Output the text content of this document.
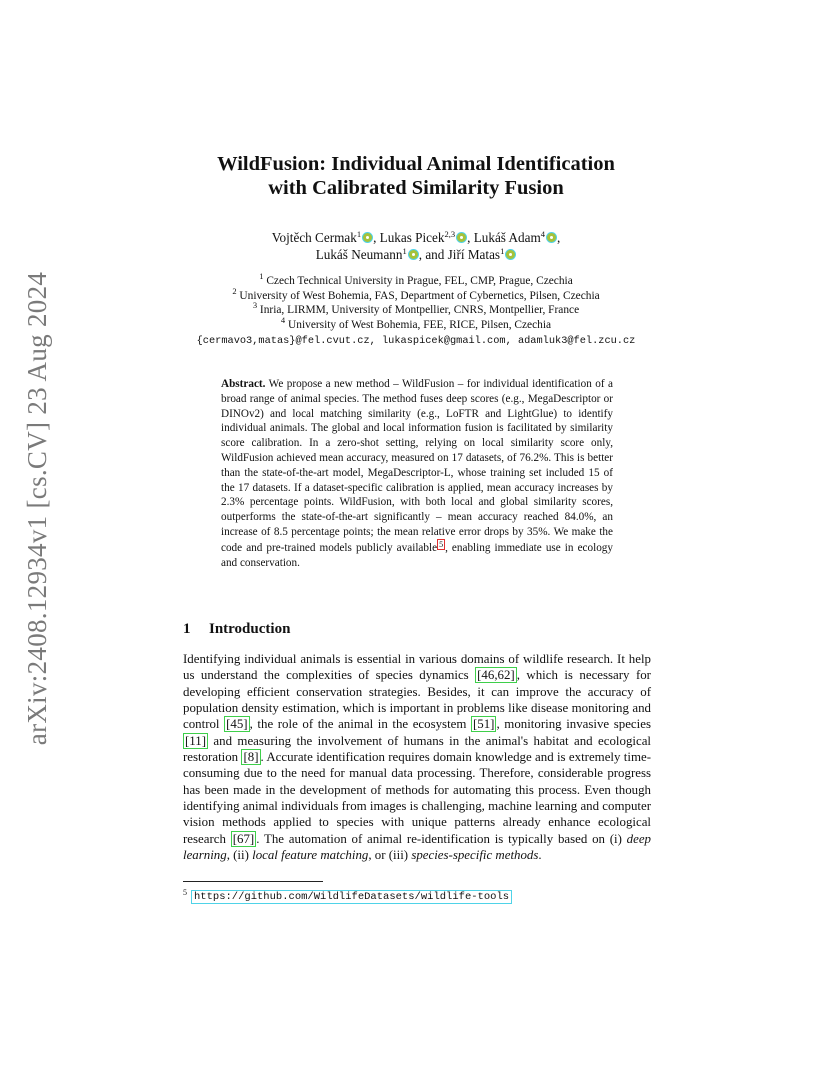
arXiv:2408.12934v1 [cs.CV] 23 Aug 2024
WildFusion: Individual Animal Identification
with Calibrated Similarity Fusion
Vojtěch Cermak$^1$ , Lukas Picek$^{2,3}$ , Lukáš Adam$^4$ ,
Lukáš Neumann$^1$ , and Jiří Matas$^1$
$^1$ Czech Technical University in Prague, FEL, CMP, Prague, Czechia
$^2$ University of West Bohemia, FAS, Department of Cybernetics, Pilsen, Czechia
$^3$ Inria, LIRMM, University of Montpellier, CNRS, Montpellier, France
$^4$ University of West Bohemia, FEE, RICE, Pilsen, Czechia
{cermavo3,matas}@fel.cvut.cz, lukaspicek@gmail.com, adamluk3@fel.zcu.cz

Abstract. We propose a new method – WildFusion – for individual identification of a broad range of animal species. The method fuses deep scores (e.g., MegaDescriptor or DINOv2) and local matching similarity (e.g., LoFTR and LightGlue) to identify individual animals. The global and local information fusion is facilitated by similarity score calibration. In a zero-shot setting, relying on local similarity score only, WildFusion achieved mean accuracy, measured on 17 datasets, of 76.2%. This is better than the state-of-the-art model, MegaDescriptor-L, whose training set included 15 of the 17 datasets. If a dataset-specific calibration is applied, mean accuracy increases by 2.3% percentage points. WildFusion, with both local and global similarity scores, outperforms the state-of-the-art significantly – mean accuracy reached 84.0%, an increase of 8.5 percentage points; the mean relative error drops by 35%. We make the code and pre-trained models publicly available $^5$ , enabling immediate use in ecology and conservation.

1 Introduction

Identifying individual animals is essential in various domains of wildlife research. It help us understand the complexities of species dynamics [46,62] , which is necessary for developing efficient conservation strategies. Besides, it can improve the accuracy of population density estimation, which is important in problems like disease monitoring and control [45] , the role of the animal in the ecosystem [51] , monitoring invasive species [11] and measuring the involvement of humans in the animal's habitat and ecological restoration [8] . Accurate identification requires domain knowledge and is extremely time-consuming due to the need for manual data processing. Therefore, considerable progress has been made in the development of methods for automating this process. Even though identifying animal individuals from images is challenging, machine learning and computer vision methods applied to species with unique patterns already enhance ecological research [67] . The automation of animal re-identification is typically based on (i) deep learning, (ii) local feature matching, or (iii) species-specific methods.

$^5$ https://github.com/WildlifeDatasets/wildlife-tools
